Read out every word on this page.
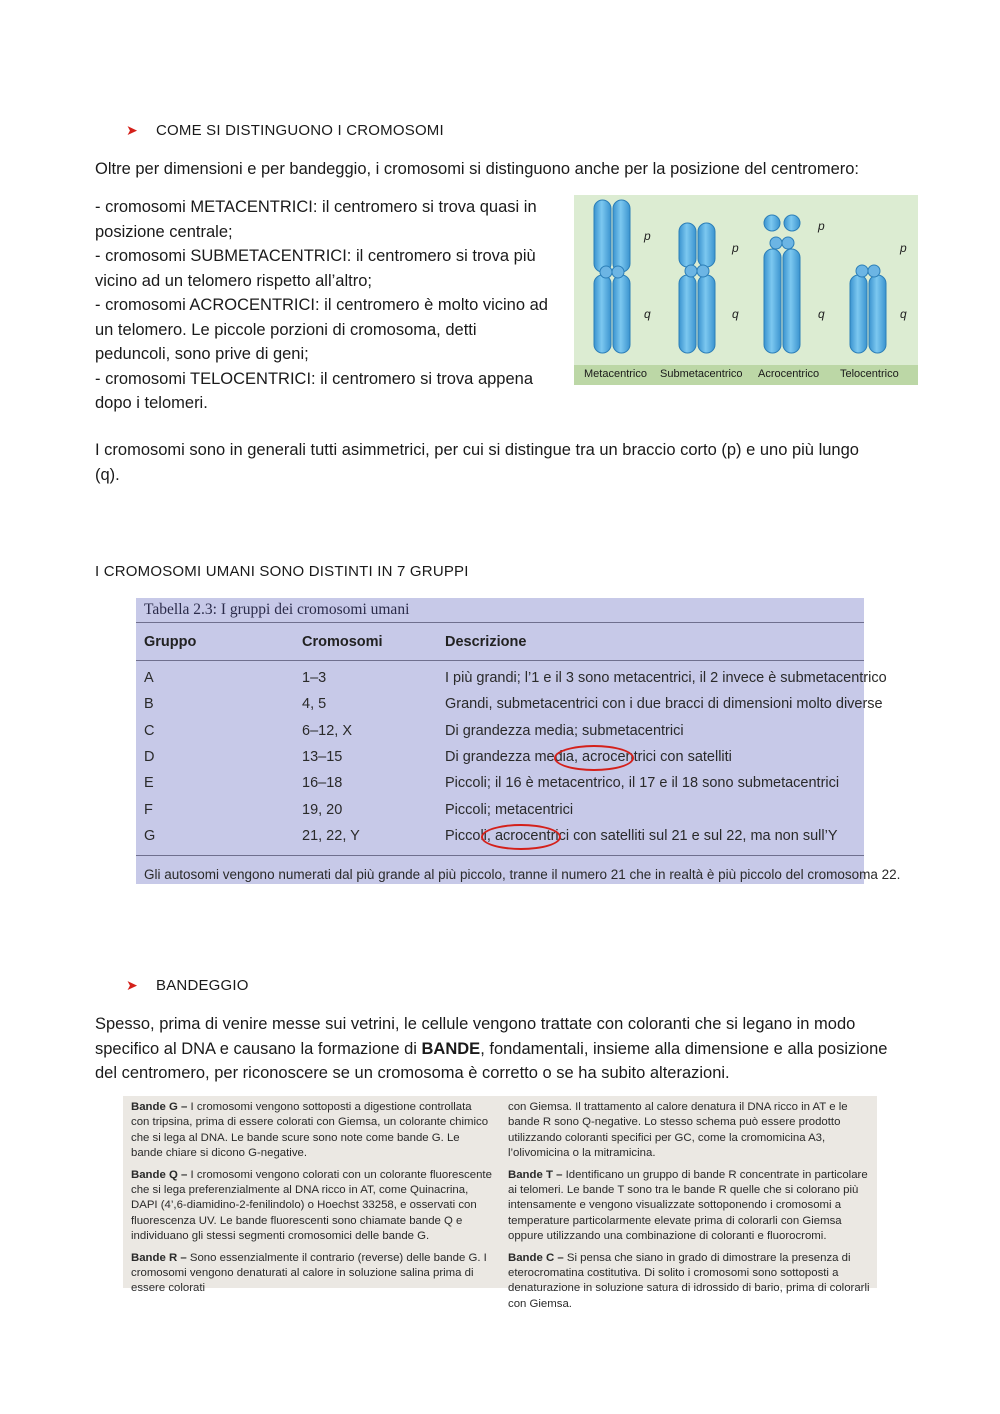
➤ COME SI DISTINGUONO I CROMOSOMI
Oltre per dimensioni e per bandeggio, i cromosomi si distinguono anche per la posizione del centromero:
- cromosomi METACENTRICI: il centromero si trova quasi in
posizione centrale;
- cromosomi SUBMETACENTRICI: il centromero si trova più
vicino ad un telomero rispetto all’altro;
- cromosomi ACROCENTRICI: il centromero è molto vicino ad
un telomero. Le piccole porzioni di cromosoma, detti
peduncoli, sono prive di geni;
- cromosomi TELOCENTRICI: il centromero si trova appena
dopo i telomeri.
p
q
p
q
p
q
p
q
Metacentrico Submetacentrico Acrocentrico Telocentrico
I cromosomi sono in generali tutti asimmetrici, per cui si distingue tra un braccio corto (p) e uno più lungo
(q).
I CROMOSOMI UMANI SONO DISTINTI IN 7 GRUPPI
Tabella 2.3: I gruppi dei cromosomi umani
Gruppo	Cromosomi	Descrizione
A	1–3	I più grandi; l’1 e il 3 sono metacentrici, il 2 invece è submetacentrico
B	4, 5	Grandi, submetacentrici con i due bracci di dimensioni molto diverse
C	6–12, X	Di grandezza media; submetacentrici
D	13–15	Di grandezza media, acrocentrici con satelliti
E	16–18	Piccoli; il 16 è metacentrico, il 17 e il 18 sono submetacentrici
F	19, 20	Piccoli; metacentrici
G	21, 22, Y	Piccoli, acrocentrici con satelliti sul 21 e sul 22, ma non sull’Y
Gli autosomi vengono numerati dal più grande al più piccolo, tranne il numero 21 che in realtà è più piccolo del cromosoma 22.
➤ BANDEGGIO
Spesso, prima di venire messe sui vetrini, le cellule vengono trattate con coloranti che si legano in modo
specifico al DNA e causano la formazione di BANDE, fondamentali, insieme alla dimensione e alla posizione
del centromero, per riconoscere se un cromosoma è corretto o se ha subito alterazioni.

Bande G – I cromosomi vengono sottoposti a digestione controllata con tripsina, prima di essere colorati con Giemsa, un colorante chimico che si lega al DNA. Le bande scure sono note come bande G. Le bande chiare si dicono G-negative.

Bande Q – I cromosomi vengono colorati con un colorante fluorescente che si lega preferenzialmente al DNA ricco in AT, come Quinacrina, DAPI (4’,6-diamidino-2-fenilindolo) o Hoechst 33258, e osservati con fluorescenza UV. Le bande fluorescenti sono chiamate bande Q e individuano gli stessi segmenti cromosomici delle bande G.

Bande R – Sono essenzialmente il contrario (reverse) delle bande G. I cromosomi vengono denaturati al calore in soluzione salina prima di essere colorati

con Giemsa. Il trattamento al calore denatura il DNA ricco in AT e le bande R sono Q-negative. Lo stesso schema può essere prodotto utilizzando coloranti specifici per GC, come la cromomicina A3, l’olivomicina o la mitramicina.

Bande T – Identificano un gruppo di bande R concentrate in particolare ai telomeri. Le bande T sono tra le bande R quelle che si colorano più intensamente e vengono visualizzate sottoponendo i cromosomi a temperature particolarmente elevate prima di colorarli con Giemsa oppure utilizzando una combinazione di coloranti e fluorocromi.

Bande C – Si pensa che siano in grado di dimostrare la presenza di eterocromatina costitutiva. Di solito i cromosomi sono sottoposti a denaturazione in soluzione satura di idrossido di bario, prima di colorarli con Giemsa.
